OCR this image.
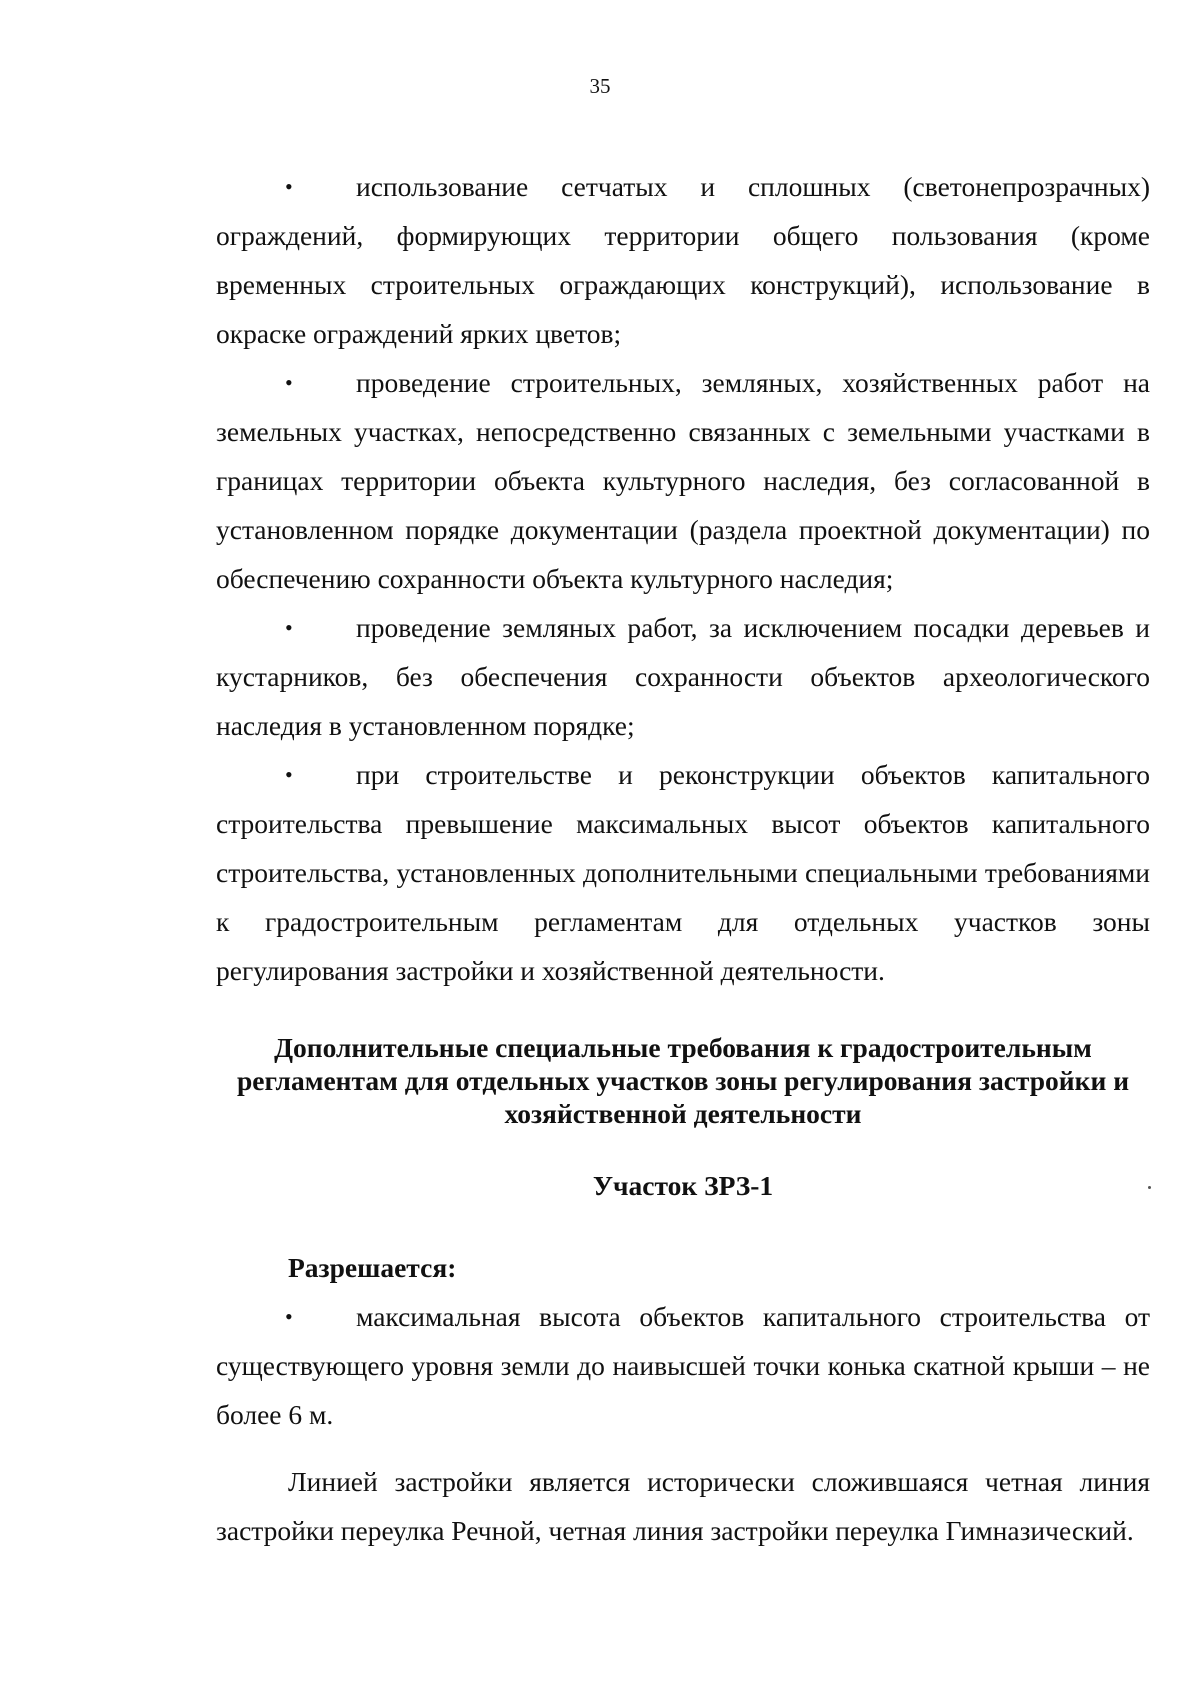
35

• использование сетчатых и сплошных (светонепрозрачных) ограждений, формирующих территории общего пользования (кроме временных строительных ограждающих конструкций), использование в окраске ограждений ярких цветов;

• проведение строительных, земляных, хозяйственных работ на земельных участках, непосредственно связанных с земельными участками в границах территории объекта культурного наследия, без согласованной в установленном порядке документации (раздела проектной документации) по обеспечению сохранности объекта культурного наследия;

• проведение земляных работ, за исключением посадки деревьев и кустарников, без обеспечения сохранности объектов археологического наследия в установленном порядке;

• при строительстве и реконструкции объектов капитального строительства превышение максимальных высот объектов капитального строительства, установленных дополнительными специальными требованиями к градостроительным регламентам для отдельных участков зоны регулирования застройки и хозяйственной деятельности.

Дополнительные специальные требования к градостроительным
регламентам для отдельных участков зоны регулирования застройки и
хозяйственной деятельности
Участок ЗРЗ-1
Разрешается:

• максимальная высота объектов капитального строительства от существующего уровня земли до наивысшей точки конька скатной крыши – не более 6 м.

Линией застройки является исторически сложившаяся четная линия застройки переулка Речной, четная линия застройки переулка Гимназический.
